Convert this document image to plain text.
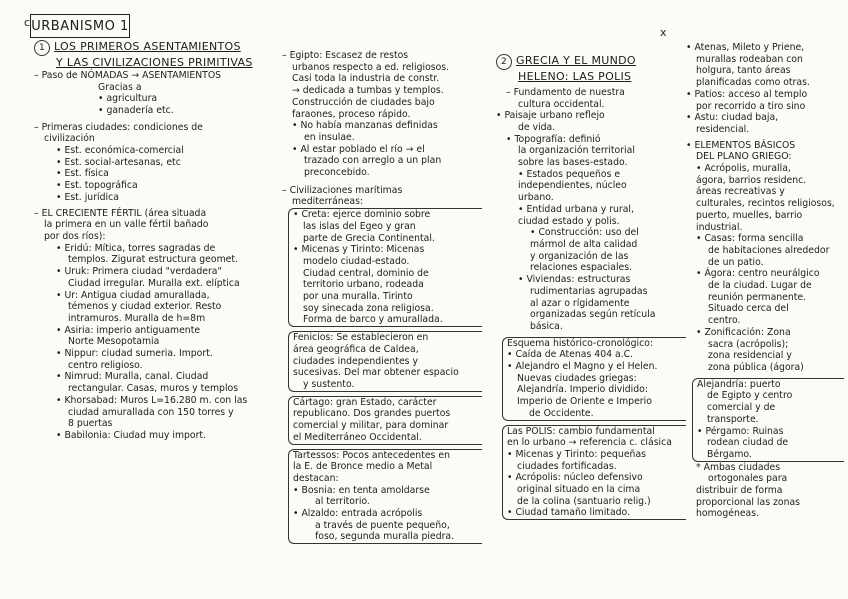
c URBANISMO 1	x
1 LOS PRIMEROS ASENTAMIENTOS
Y LAS CIVILIZACIONES PRIMITIVAS
– Paso de NÓMADAS → ASENTAMIENTOS
Gracias a
• agricultura
• ganadería etc.
– Primeras ciudades: condiciones de
civilización
• Est. económica-comercial
• Est. social-artesanas, etc
• Est. física
• Est. topográfica
• Est. jurídica
– EL CRECIENTE FÉRTIL (área situada
la primera en un valle fértil bañado
por dos ríos):
• Eridú: Mítica, torres sagradas de
templos. Zigurat estructura geomet.
• Uruk: Primera ciudad "verdadera"
Ciudad irregular. Muralla ext. elíptica
• Ur: Antigua ciudad amurallada,
témenos y ciudad exterior. Resto
intramuros. Muralla de h=8m
• Asiria: imperio antiguamente
Norte Mesopotamia
• Nippur: ciudad sumeria. Import.
centro religioso.
• Nimrud: Muralla, canal. Ciudad
rectangular. Casas, muros y templos
• Khorsabad: Muros L=16.280 m. con las
ciudad amurallada con 150 torres y
8 puertas
• Babilonia: Ciudad muy import.
– Egipto: Escasez de restos
urbanos respecto a ed. religiosos.
Casi toda la industria de constr.
→ dedicada a tumbas y templos.
Construcción de ciudades bajo
faraones, proceso rápido.
• No había manzanas definidas
en insulae.
• Al estar poblado el río → el
trazado con arreglo a un plan
preconcebido.
– Civilizaciones marítimas
mediterráneas:
• Creta: ejerce dominio sobre
las islas del Egeo y gran
parte de Grecia Continental.
• Micenas y Tirinto: Micenas
modelo ciudad-estado.
Ciudad central, dominio de
territorio urbano, rodeada
por una muralla. Tirinto
soy sinecada zona religiosa.
Forma de barco y amurallada.
Fenicios: Se establecieron en
área geográfica de Caldea,
ciudades independientes y
sucesivas. Del mar obtener espacio
y sustento.
Cártago: gran Estado, carácter
republicano. Dos grandes puertos
comercial y militar, para dominar
el Mediterráneo Occidental.
Tartessos: Pocos antecedentes en
la E. de Bronce medio a Metal
destacan:
• Bosnia: en tenta amoldarse
al territorio.
• Alzaldo: entrada acrópolis
a través de puente pequeño,
foso, segunda muralla piedra.
2 GRECIA Y EL MUNDO
HELENO: LAS POLIS
– Fundamento de nuestra
cultura occidental.
• Paisaje urbano reflejo
de vida.
• Topografía: definió
la organización territorial
sobre las bases-estado.
• Estados pequeños e
independientes, núcleo
urbano.
• Entidad urbana y rural,
ciudad estado y polis.
• Construcción: uso del
mármol de alta calidad
y organización de las
relaciones espaciales.
• Viviendas: estructuras
rudimentarias agrupadas
al azar o rígidamente
organizadas según retícula
básica.
Esquema histórico-cronológico:
• Caída de Atenas 404 a.C.
• Alejandro el Magno y el Helen.
Nuevas ciudades griegas:
Alejandría. Imperio dividido:
Imperio de Oriente e Imperio
de Occidente.
Las POLIS: cambio fundamental
en lo urbano → referencia c. clásica
• Micenas y Tirinto: pequeñas
ciudades fortificadas.
• Acrópolis: núcleo defensivo
original situado en la cima
de la colina (santuario relig.)
• Ciudad tamaño limitado.
• Atenas, Mileto y Priene,
murallas rodeaban con
holgura, tanto áreas
planificadas como otras.
• Patios: acceso al templo
por recorrido a tiro sino
• Astu: ciudad baja,
residencial.
• ELEMENTOS BÁSICOS
DEL PLANO GRIEGO:
• Acrópolis, muralla,
ágora, barrios residenc.
áreas recreativas y
culturales, recintos religiosos,
puerto, muelles, barrio
industrial.
• Casas: forma sencilla
de habitaciones alrededor
de un patio.
• Ágora: centro neurálgico
de la ciudad. Lugar de
reunión permanente.
Situado cerca del
centro.
• Zonificación: Zona
sacra (acrópolis);
zona residencial y
zona pública (ágora)
Alejandría: puerto
de Egipto y centro
comercial y de
transporte.
• Pérgamo: Ruinas
rodean ciudad de
Bérgamo.
* Ambas ciudades
ortogonales para
distribuir de forma
proporcional las zonas
homogéneas.
